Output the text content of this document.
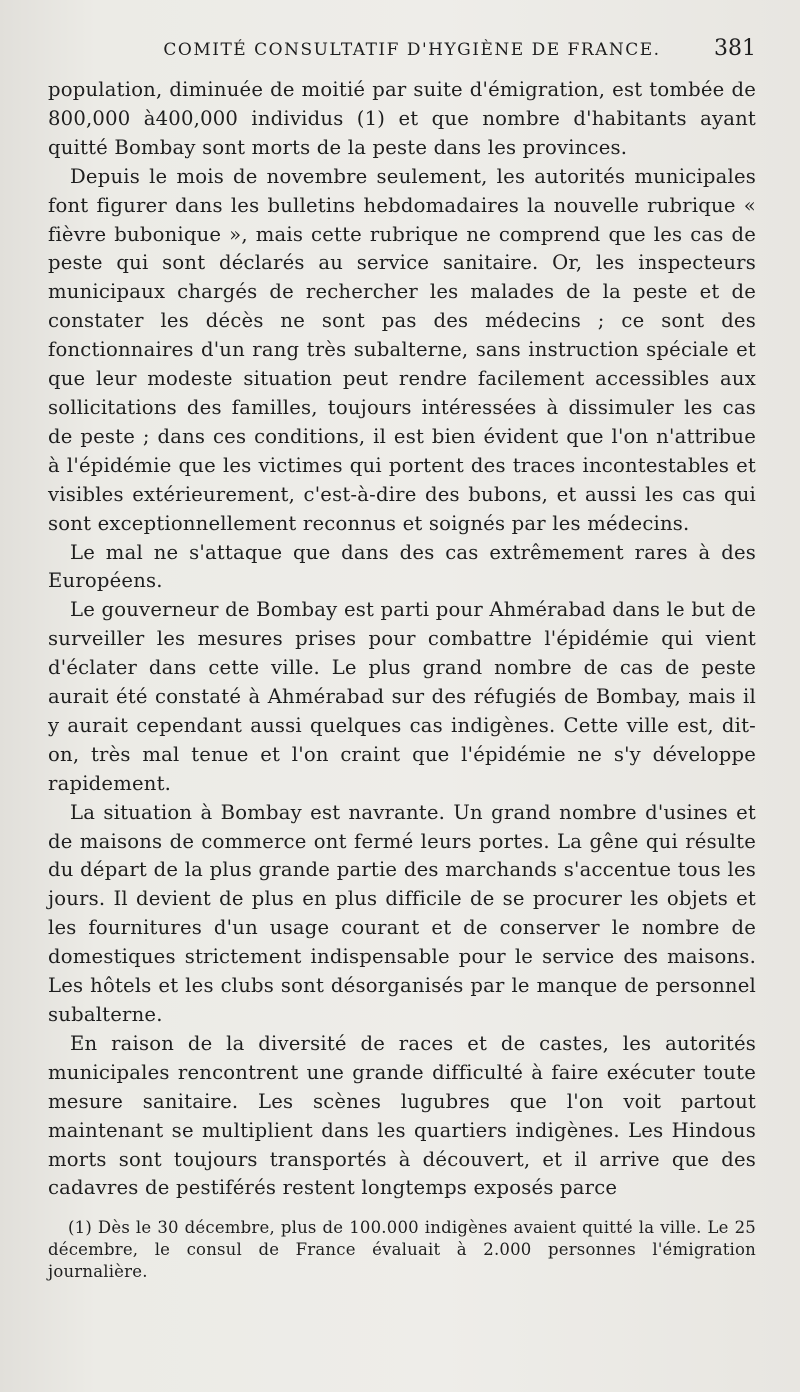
COMITÉ CONSULTATIF D'HYGIÈNE DE FRANCE.	381

population, diminuée de moitié par suite d'émigration, est tombée de 800,000 à400,000 individus (1) et que nombre d'habitants ayant quitté Bombay sont morts de la peste dans les provinces.

Depuis le mois de novembre seulement, les autorités municipales font figurer dans les bulletins hebdomadaires la nouvelle rubrique « fièvre bubonique », mais cette rubrique ne comprend que les cas de peste qui sont déclarés au service sanitaire. Or, les inspecteurs municipaux chargés de rechercher les malades de la peste et de constater les décès ne sont pas des médecins ; ce sont des fonctionnaires d'un rang très subalterne, sans instruction spéciale et que leur modeste situation peut rendre facilement accessibles aux sollicitations des familles, toujours intéressées à dissimuler les cas de peste ; dans ces conditions, il est bien évident que l'on n'attribue à l'épidémie que les victimes qui portent des traces incontestables et visibles extérieurement, c'est-à-dire des bubons, et aussi les cas qui sont exceptionnellement reconnus et soignés par les médecins.

Le mal ne s'attaque que dans des cas extrêmement rares à des Européens.

Le gouverneur de Bombay est parti pour Ahmérabad dans le but de surveiller les mesures prises pour combattre l'épidémie qui vient d'éclater dans cette ville. Le plus grand nombre de cas de peste aurait été constaté à Ahmérabad sur des réfugiés de Bombay, mais il y aurait cependant aussi quelques cas indigènes. Cette ville est, dit-on, très mal tenue et l'on craint que l'épidémie ne s'y développe rapidement.

La situation à Bombay est navrante. Un grand nombre d'usines et de maisons de commerce ont fermé leurs portes. La gêne qui résulte du départ de la plus grande partie des marchands s'accentue tous les jours. Il devient de plus en plus difficile de se procurer les objets et les fournitures d'un usage courant et de conserver le nombre de domestiques strictement indispensable pour le service des maisons. Les hôtels et les clubs sont désorganisés par le manque de personnel subalterne.

En raison de la diversité de races et de castes, les autorités municipales rencontrent une grande difficulté à faire exécuter toute mesure sanitaire. Les scènes lugubres que l'on voit partout maintenant se multiplient dans les quartiers indigènes. Les Hindous morts sont toujours transportés à découvert, et il arrive que des cadavres de pestiférés restent longtemps exposés parce

(1) Dès le 30 décembre, plus de 100.000 indigènes avaient quitté la ville. Le 25 décembre, le consul de France évaluait à 2.000 personnes l'émigration journalière.
